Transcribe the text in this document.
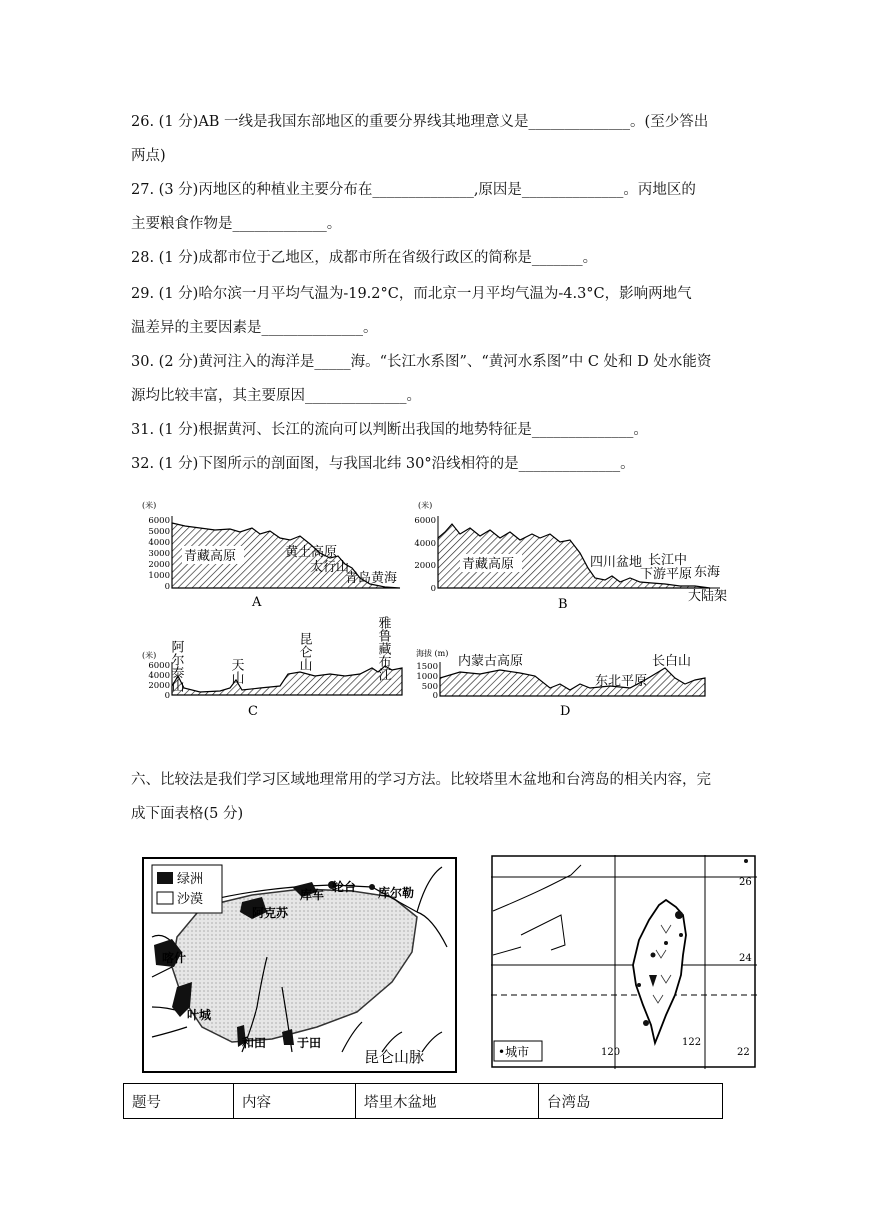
26. (1 分)AB 一线是我国东部地区的重要分界线其地理意义是______________。(至少答出
两点)
27. (3 分)丙地区的种植业主要分布在______________,原因是______________。丙地区的
主要粮食作物是_____________。
28. (1 分)成都市位于乙地区，成都市所在省级行政区的简称是_______。
29. (1 分)哈尔滨一月平均气温为-19.2°C，而北京一月平均气温为-4.3°C，影响两地气
温差异的主要因素是______________。
30. (2 分)黄河注入的海洋是_____海。“长江水系图”、“黄河水系图”中 C 处和 D 处水能资
源均比较丰富，其主要原因______________。
31. (1 分)根据黄河、长江的流向可以判断出我国的地势特征是______________。
32. (1 分)下图所示的剖面图，与我国北纬 30°沿线相符的是______________。
(米)
6000
5000
4000
3000
2000
1000
0
青藏高原	黄土高原
太行山
青岛黄海
A
(米)
6000
4000
2000
0
青藏高原	四川盆地 长江中
下游平原 东海
大陆架
B
(米)
6000
4000
2000
0
阿尔泰山	天山	昆仑山	雅鲁藏布江
C
海拔 (m)
1500
1000
500
0
内蒙古高原
东北平原
长白山
D
六、比较法是我们学习区域地理常用的学习方法。比较塔里木盆地和台湾岛的相关内容，完
成下面表格(5 分)
绿洲
沙漠	库车
轮台 库尔勒
阿克苏
喀什
叶城
和田	于田
昆仑山脉
26
24
22
120
122
•城市
题号	内容	塔里木盆地	台湾岛
